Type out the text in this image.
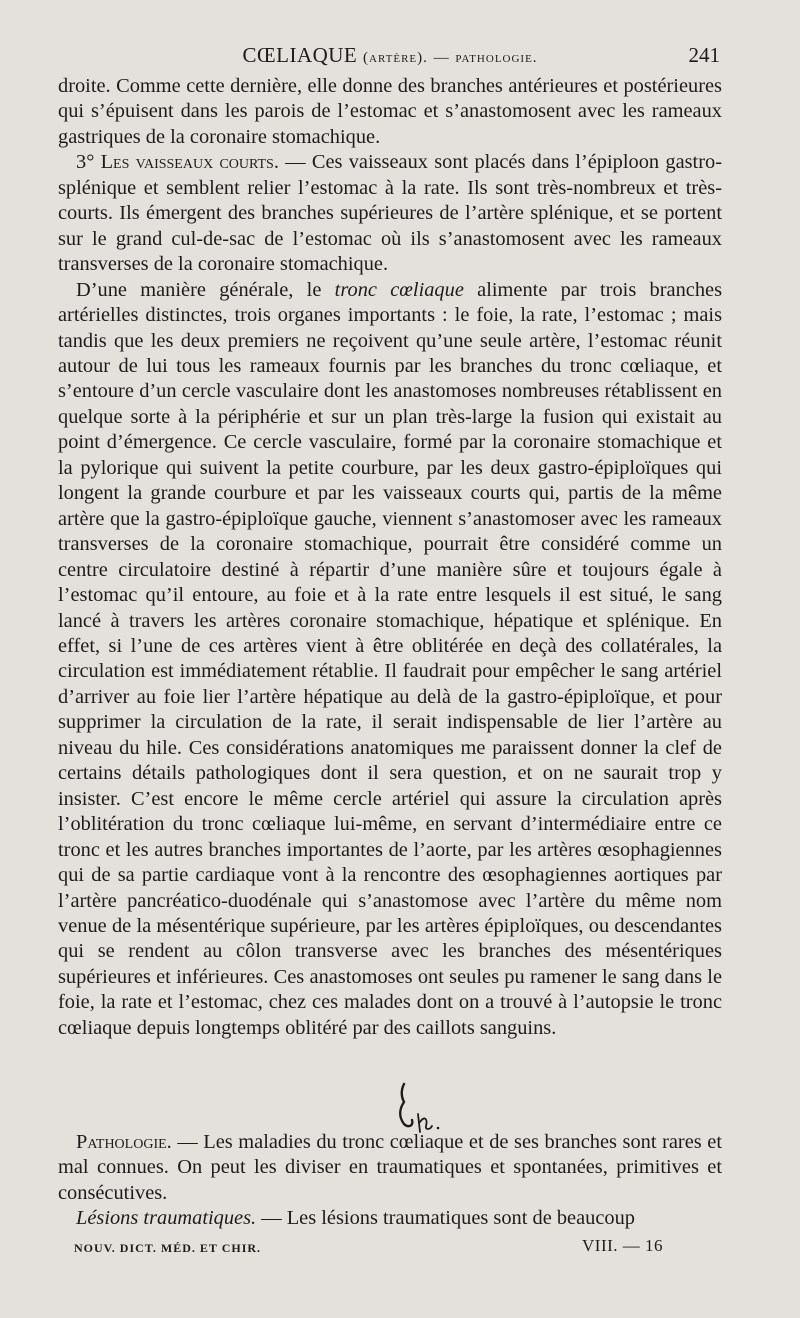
CŒLIAQUE (artère). — pathologie.	241

droite. Comme cette dernière, elle donne des branches antérieures et postérieures qui s’épuisent dans les parois de l’estomac et s’anastomosent avec les rameaux gastriques de la coronaire stomachique.

3° Les vaisseaux courts. — Ces vaisseaux sont placés dans l’épiploon gastro-splénique et semblent relier l’estomac à la rate. Ils sont très-nombreux et très-courts. Ils émergent des branches supérieures de l’artère splénique, et se portent sur le grand cul-de-sac de l’estomac où ils s’anastomosent avec les rameaux transverses de la coronaire stomachique.

D’une manière générale, le tronc cœliaque alimente par trois branches artérielles distinctes, trois organes importants : le foie, la rate, l’estomac ; mais tandis que les deux premiers ne reçoivent qu’une seule artère, l’estomac réunit autour de lui tous les rameaux fournis par les branches du tronc cœliaque, et s’entoure d’un cercle vasculaire dont les anastomoses nombreuses rétablissent en quelque sorte à la périphérie et sur un plan très-large la fusion qui existait au point d’émergence. Ce cercle vasculaire, formé par la coronaire stomachique et la pylorique qui suivent la petite courbure, par les deux gastro-épiploïques qui longent la grande courbure et par les vaisseaux courts qui, partis de la même artère que la gastro-épiploïque gauche, viennent s’anastomoser avec les rameaux transverses de la coronaire stomachique, pourrait être considéré comme un centre circulatoire destiné à répartir d’une manière sûre et toujours égale à l’estomac qu’il entoure, au foie et à la rate entre lesquels il est situé, le sang lancé à travers les artères coronaire stomachique, hépatique et splénique. En effet, si l’une de ces artères vient à être oblitérée en deçà des collatérales, la circulation est immédiatement rétablie. Il faudrait pour empêcher le sang artériel d’arriver au foie lier l’artère hépatique au delà de la gastro-épiploïque, et pour supprimer la circulation de la rate, il serait indispensable de lier l’artère au niveau du hile. Ces considérations anatomiques me paraissent donner la clef de certains détails pathologiques dont il sera question, et on ne saurait trop y insister. C’est encore le même cercle artériel qui assure la circulation après l’oblitération du tronc cœliaque lui-même, en servant d’intermédiaire entre ce tronc et les autres branches importantes de l’aorte, par les artères œsophagiennes qui de sa partie cardiaque vont à la rencontre des œsophagiennes aortiques par l’artère pancréatico-duodénale qui s’anastomose avec l’artère du même nom venue de la mésentérique supérieure, par les artères épiploïques, ou descendantes qui se rendent au côlon transverse avec les branches des mésentériques supérieures et inférieures. Ces anastomoses ont seules pu ramener le sang dans le foie, la rate et l’estomac, chez ces malades dont on a trouvé à l’autopsie le tronc cœliaque depuis longtemps oblitéré par des caillots sanguins.

Pathologie. — Les maladies du tronc cœliaque et de ses branches sont rares et mal connues. On peut les diviser en traumatiques et spontanées, primitives et consécutives.

Lésions traumatiques. — Les lésions traumatiques sont de beaucoup

NOUV. DICT. MÉD. ET CHIR.	VIII. — 16
